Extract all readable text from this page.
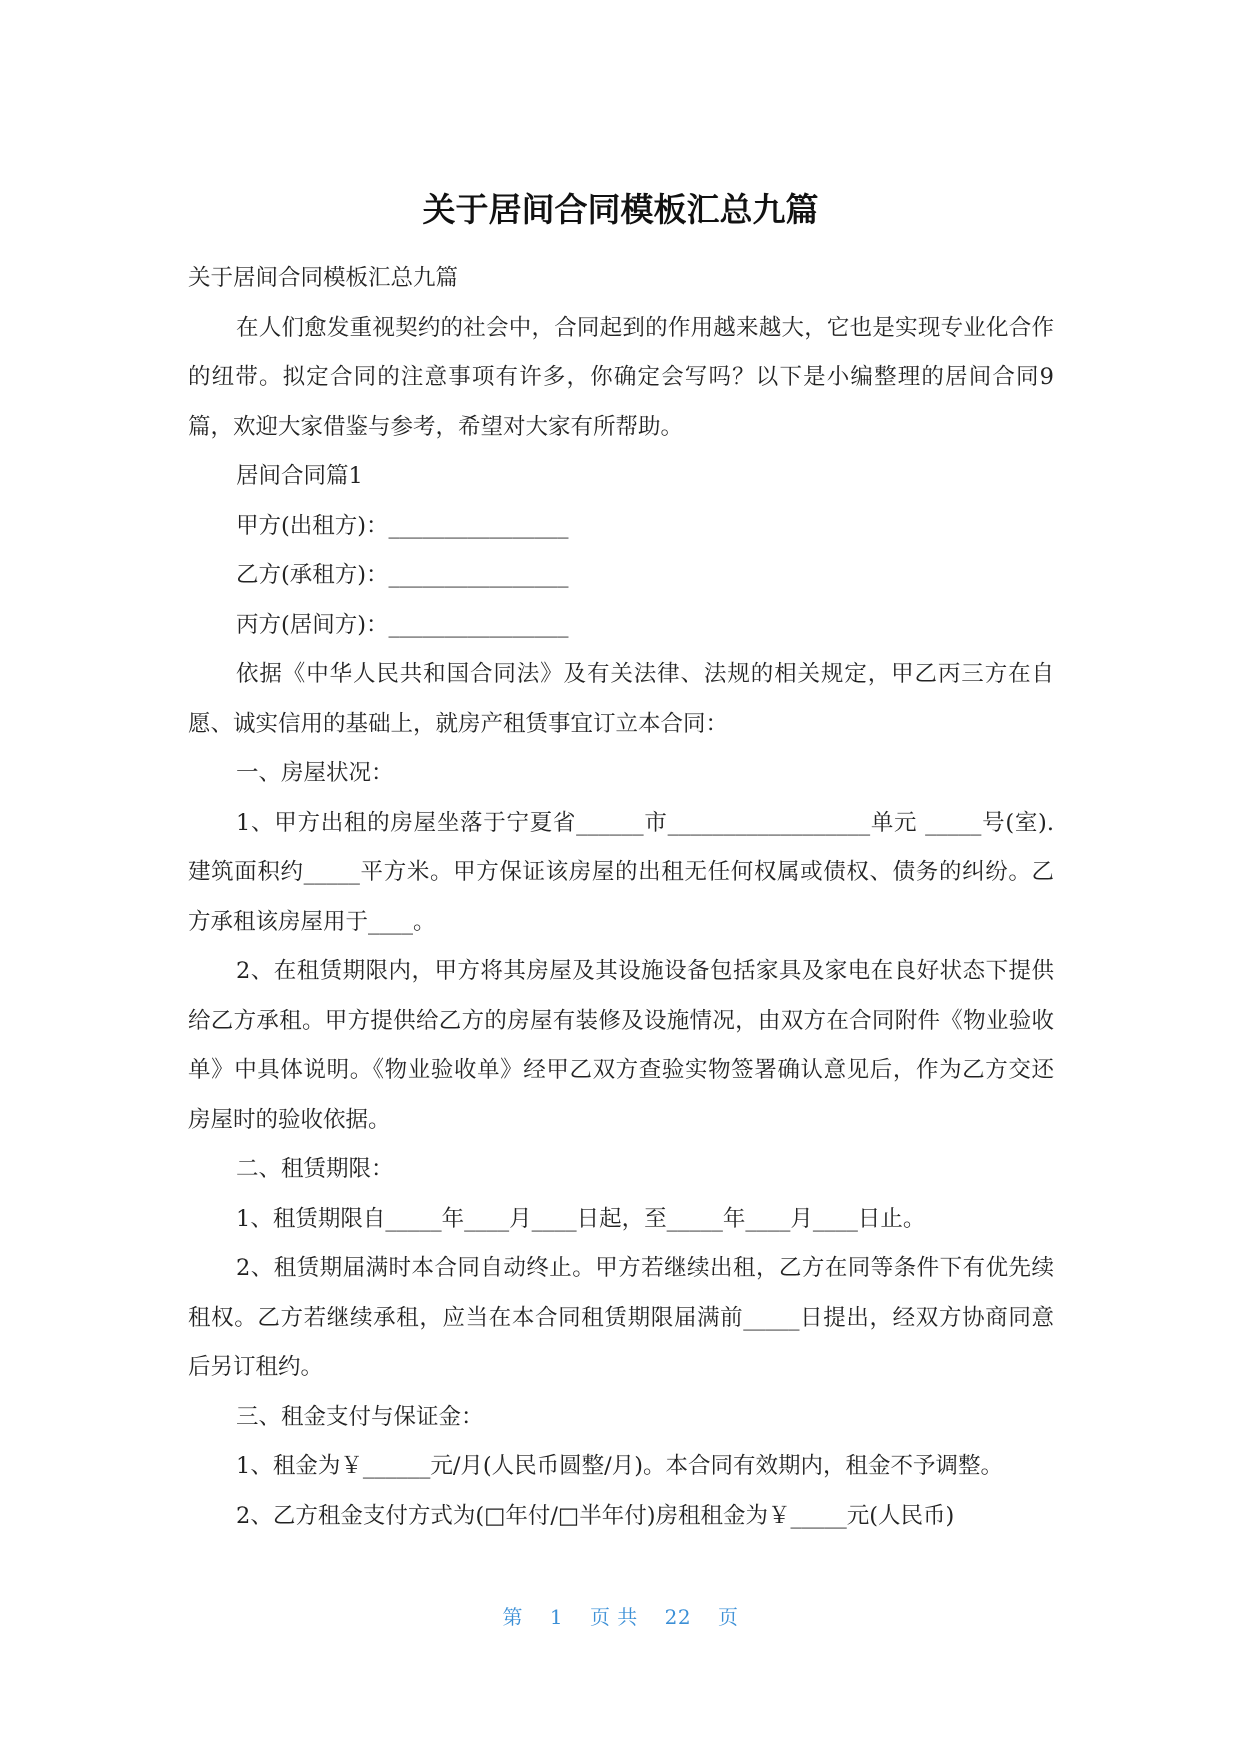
关于居间合同模板汇总九篇

关于居间合同模板汇总九篇

在人们愈发重视契约的社会中，合同起到的作用越来越大，它也是实现专业化合作的纽带。拟定合同的注意事项有许多，你确定会写吗？以下是小编整理的居间合同9篇，欢迎大家借鉴与参考，希望对大家有所帮助。

居间合同篇1

甲方(出租方)：________________

乙方(承租方)：________________

丙方(居间方)：________________

依据《中华人民共和国合同法》及有关法律、法规的相关规定，甲乙丙三方在自愿、诚实信用的基础上，就房产租赁事宜订立本合同：

一、房屋状况：

1、甲方出租的房屋坐落于宁夏省______市__________________单元 _____号(室).建筑面积约_____平方米。甲方保证该房屋的出租无任何权属或债权、债务的纠纷。乙方承租该房屋用于____。

2、在租赁期限内，甲方将其房屋及其设施设备包括家具及家电在良好状态下提供给乙方承租。甲方提供给乙方的房屋有装修及设施情况，由双方在合同附件《物业验收单》中具体说明。《物业验收单》经甲乙双方查验实物签署确认意见后，作为乙方交还房屋时的验收依据。

二、租赁期限：

1、租赁期限自_____年____月____日起，至_____年____月____日止。

2、租赁期届满时本合同自动终止。甲方若继续出租，乙方在同等条件下有优先续租权。乙方若继续承租，应当在本合同租赁期限届满前_____日提出，经双方协商同意后另订租约。

三、租金支付与保证金：

1、租金为￥______元/月(人民币圆整/月)。本合同有效期内，租金不予调整。

2、乙方租金支付方式为(□年付/□半年付)房租租金为￥_____元(人民币)

第 1 页 共 22 页
